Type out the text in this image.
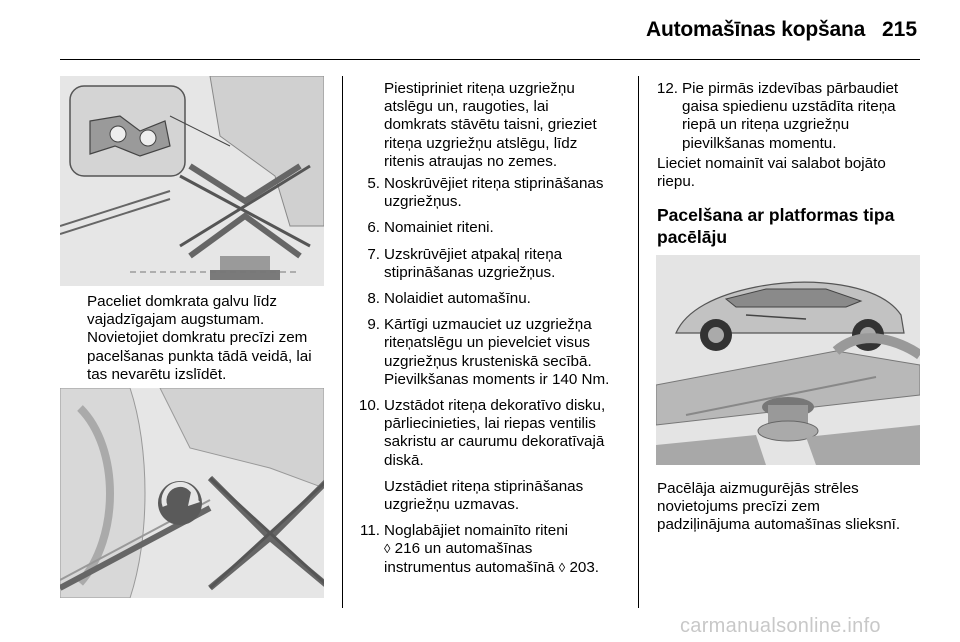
Automašīnas kopšana 215

Paceliet domkrata galvu līdz
vajadzīgajam augstumam.
Novietojiet domkratu precīzi zem
pacelšanas punkta tādā veidā, lai
tas nevarētu izslīdēt.

Piestipriniet riteņa uzgriežņu
atslēgu un, raugoties, lai
domkrats stāvētu taisni, grieziet
riteņa uzgriežņu atslēgu, līdz
ritenis atraujas no zemes.

5. Noskrūvējiet riteņa stiprināšanas
uzgriežņus.
6. Nomainiet riteni.
7. Uzskrūvējiet atpakaļ riteņa
stiprināšanas uzgriežņus.
8. Nolaidiet automašīnu.
9. Kārtīgi uzmauciet uz uzgriežņa
riteņatslēgu un pievelciet visus
uzgriežņus krusteniskā secībā.
Pievilkšanas moments ir 140 Nm.
10. Uzstādot riteņa dekoratīvo disku,
pārliecinieties, lai riepas ventilis
sakristu ar caurumu dekoratīvajā
diskā.
Uzstādiet riteņa stiprināšanas
uzgriežņu uzmavas.
11. Noglabājiet nomainīto riteni
◊ 216 un automašīnas
instrumentus automašīnā ◊ 203.
12. Pie pirmās izdevības pārbaudiet
gaisa spiedienu uzstādīta riteņa
riepā un riteņa uzgriežņu
pievilkšanas momentu.

Lieciet nomainīt vai salabot bojāto
riepu.

Pacelšana ar platformas tipa
pacēlāju

Pacēlāja aizmugurējās strēles
novietojums precīzi zem
padziļinājuma automašīnas slieksnī.

carmanualsonline.info
